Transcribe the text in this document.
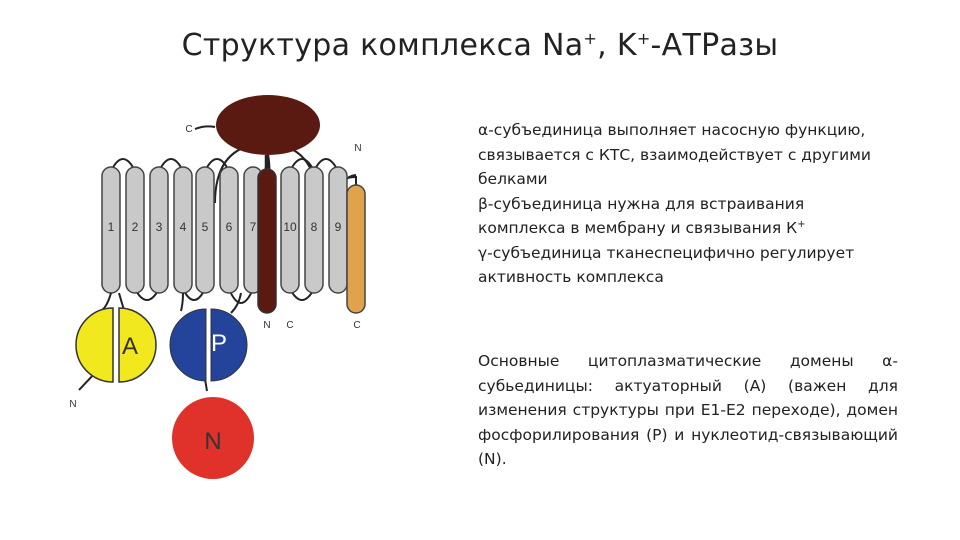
Структура комплекса Na+, K+-АТРазы
1 2 3 4 5 6 7 10 8 9
C
N
N C	C
N
A	P
N

α-субъединица выполняет насосную функцию,

связывается с КТС, взаимодействует с другими

белками

β-субъединица нужна для встраивания

комплекса в мембрану и связывания К+

γ-субъединица тканеспецифично регулирует

активность комплекса

Основные цитоплазматические домены α-субьединицы: актуаторный (А) (важен для изменения структуры при Е1-Е2 переходе), домен фосфорилирования (Р) и нуклеотид-связывающий (N).
